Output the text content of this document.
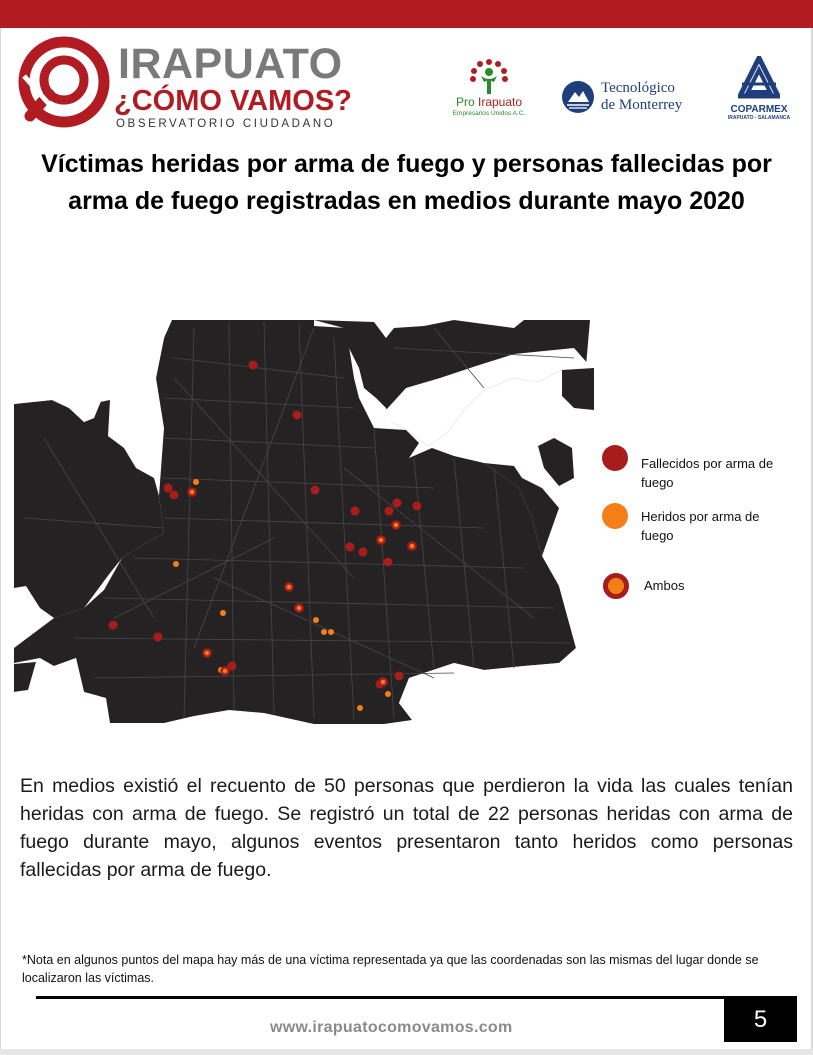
IRAPUATO
¿CÓMO VAMOS?
OBSERVATORIO CIUDADANO
Pro Irapuato
Empresarios Unidos A.C.
Tecnológico
de Monterrey	COPARMEX
IRAPUATO - SALAMANCA
Víctimas heridas por arma de fuego y personas fallecidas por arma de fuego registradas en medios durante mayo 2020
Fallecidos por arma de fuego
Heridos por arma de fuego
Ambos
En medios existió el recuento de 50 personas que perdieron la vida las cuales tenían heridas con arma de fuego. Se registró un total de 22 personas heridas con arma de fuego durante mayo, algunos eventos presentaron tanto heridos como personas fallecidas por arma de fuego.
*Nota en algunos puntos del mapa hay más de una víctima representada ya que las coordenadas son las mismas del lugar donde se localizaron las víctimas.
www.irapuatocomovamos.com	5
